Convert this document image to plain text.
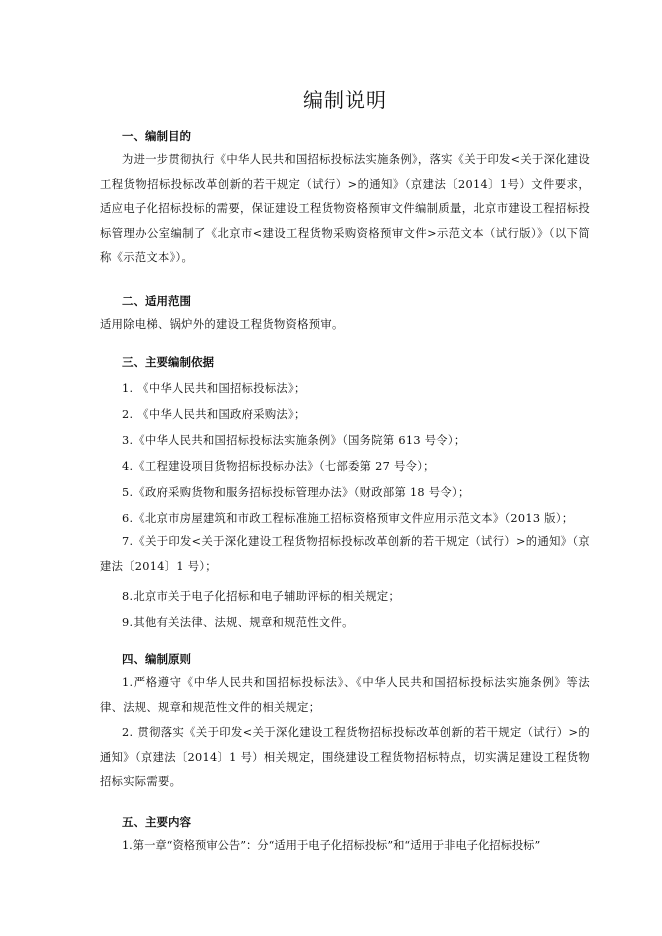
编制说明
一、编制目的
为进一步贯彻执行《中华人民共和国招标投标法实施条例》，落实《关于印发<关于深化建设工程货物招标投标改革创新的若干规定（试行）>的通知》（京建法〔2014〕1号）文件要求，适应电子化招标投标的需要，保证建设工程货物资格预审文件编制质量，北京市建设工程招标投标管理办公室编制了《北京市<建设工程货物采购资格预审文件>示范文本（试行版）》（以下简称《示范文本》）。
二、适用范围
适用除电梯、锅炉外的建设工程货物资格预审。
三、主要编制依据
1. 《中华人民共和国招标投标法》；
2. 《中华人民共和国政府采购法》；
3.《中华人民共和国招标投标法实施条例》（国务院第 613 号令）；
4.《工程建设项目货物招标投标办法》（七部委第 27 号令）；
5.《政府采购货物和服务招标投标管理办法》（财政部第 18 号令）；
6.《北京市房屋建筑和市政工程标准施工招标资格预审文件应用示范文本》（2013 版）；
7.《关于印发<关于深化建设工程货物招标投标改革创新的若干规定（试行）>的通知》（京建法〔2014〕1 号）；
8.北京市关于电子化招标和电子辅助评标的相关规定；
9.其他有关法律、法规、规章和规范性文件。
四、编制原则
1.严格遵守《中华人民共和国招标投标法》、《中华人民共和国招标投标法实施条例》等法律、法规、规章和规范性文件的相关规定；
2. 贯彻落实《关于印发<关于深化建设工程货物招标投标改革创新的若干规定（试行）>的通知》（京建法〔2014〕1 号）相关规定，围绕建设工程货物招标特点，切实满足建设工程货物招标实际需要。
五、主要内容
1.第一章“资格预审公告”：分“适用于电子化招标投标”和“适用于非电子化招标投标”
